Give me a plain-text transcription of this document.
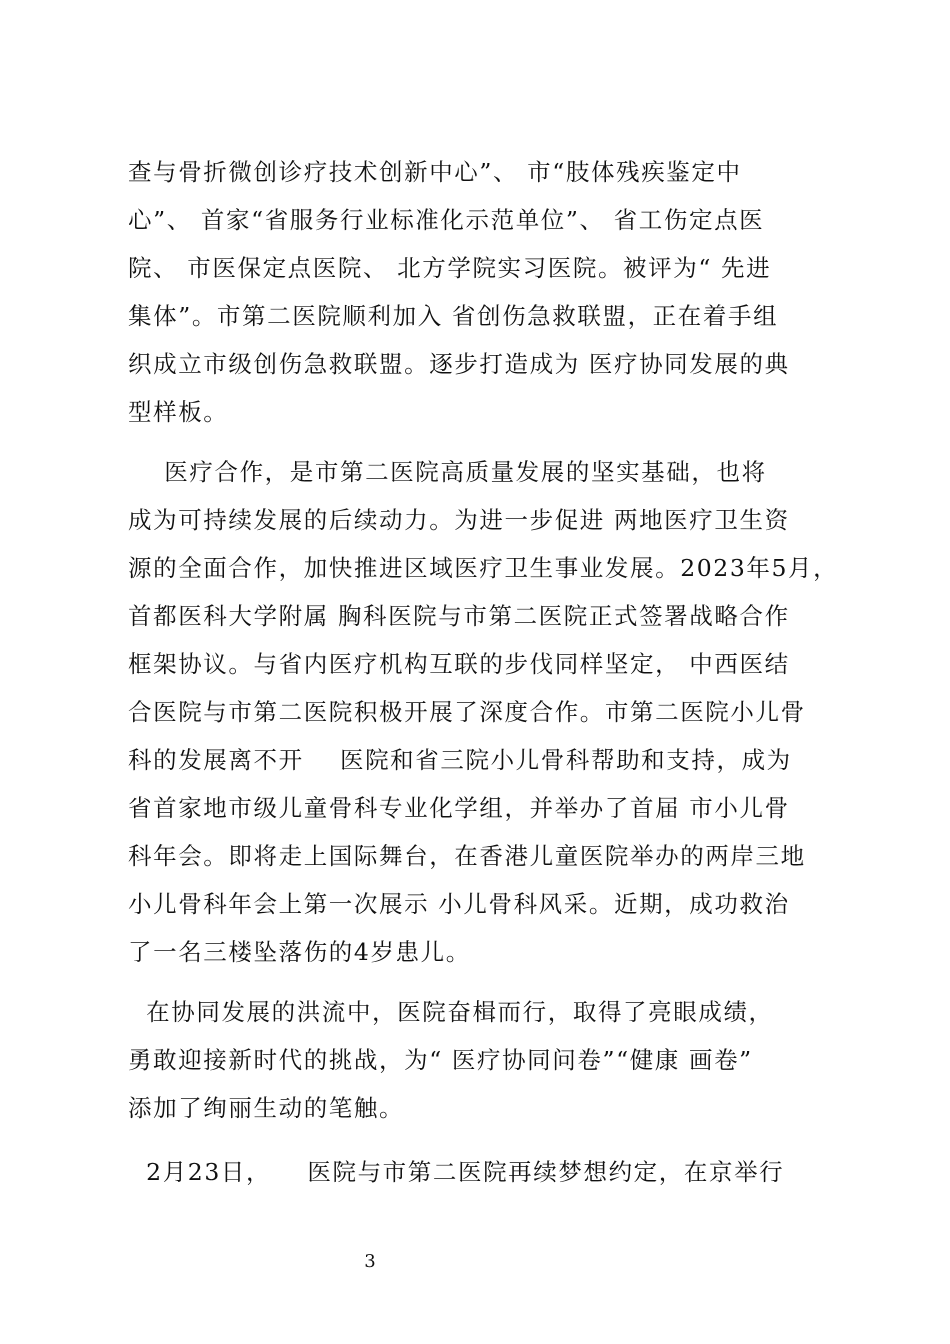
查与骨折微创诊疗技术创新中心”、 市“肢体残疾鉴定中
心”、 首家“省服务行业标准化示范单位”、 省工伤定点医
院、 市医保定点医院、 北方学院实习医院。被评为“ 先进
集体”。市第二医院顺利加入 省创伤急救联盟，正在着手组
织成立市级创伤急救联盟。逐步打造成为 医疗协同发展的典
型样板。
医疗合作，是市第二医院高质量发展的坚实基础，也将
成为可持续发展的后续动力。为进一步促进 两地医疗卫生资
源的全面合作，加快推进区域医疗卫生事业发展。2023年5月，
首都医科大学附属 胸科医院与市第二医院正式签署战略合作
框架协议。与省内医疗机构互联的步伐同样坚定， 中西医结
合医院与市第二医院积极开展了深度合作。市第二医院小儿骨
科的发展离不开    医院和省三院小儿骨科帮助和支持，成为
省首家地市级儿童骨科专业化学组，并举办了首届 市小儿骨
科年会。即将走上国际舞台，在香港儿童医院举办的两岸三地
小儿骨科年会上第一次展示 小儿骨科风采。近期，成功救治
了一名三楼坠落伤的4岁患儿。
在协同发展的洪流中，医院奋楫而行，取得了亮眼成绩，
勇敢迎接新时代的挑战，为“ 医疗协同问卷”“健康 画卷”
添加了绚丽生动的笔触。
2月23日，    医院与市第二医院再续梦想约定，在京举行
3
